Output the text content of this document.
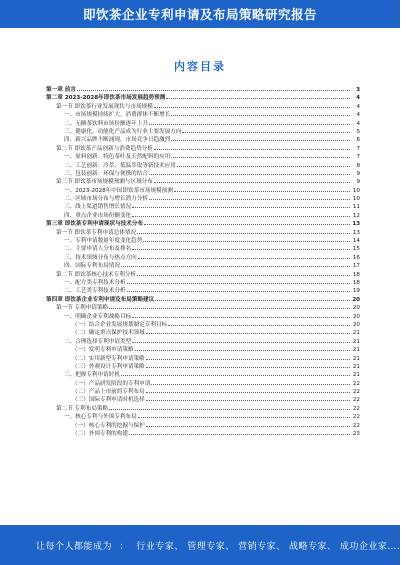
即饮茶企业专利申请及布局策略研究报告
内容目录
第一章 前言	3
第二章 2023-2028年即饮茶市场发展趋势预测	4
第一节 即饮茶行业发展现状与市场规模	4
一、市场规模持续扩大，消费群体不断增长	4
二、无糖茶饮料市场份额逐年上升	4
三、健康化、功能化产品成为行业主要发展方向	5
四、新兴品牌不断涌现，市场竞争日趋激烈	6
第二节 即饮茶产品创新与消费趋势分析	7
一、原料创新：特色茶叶及天然配料的应用	7
二、工艺创新：冷萃、低温萃取等新技术应用	8
三、包装创新：环保与便携的结合	9
第三节 即饮茶市场规模预测与区域分布	9
一、2023-2028年中国即饮茶市场规模预测	10
二、区域市场分布与增长潜力分析	10
三、线上渠道销售增长情况	11
四、重点企业市场份额变化	12
第三章 即饮茶专利申请现状与技术分布	13
第一节 即饮茶专利申请总体情况	13
一、专利申请数量年度变化趋势	14
二、主要申请人分布及排名	15
三、技术领域分布与热点方向	16
四、国际专利布局情况	17
第二节 即饮茶核心技术专利分析	18
一、配方类专利技术分析	18
二、工艺类专利技术分析	19
第四章 即饮茶企业专利申请及布局策略建议	20
第一节 专利申请策略	20
一、明确企业专利战略目标	20
（一）结合企业发展规划制定专利目标	20
（二）确定重点保护技术领域	21
二、合理选择专利申请类型	21
（一）发明专利申请策略	21
（二）实用新型专利申请策略	21
（三）外观设计专利申请策略	21
三、把握专利申请时机	21
（一）产品研发阶段的专利申请	22
（二）产品上市前的专利布局	22
（三）国际专利申请时机选择	22
第二节 专利布局策略	22
一、核心专利与外围专利布局	22
（一）核心专利的挖掘与保护	22
（二）外围专利的构建	23
让每个人都能成为 ： 行业专家、 管理专家、 营销专家、 战略专家、 成功企业家……
